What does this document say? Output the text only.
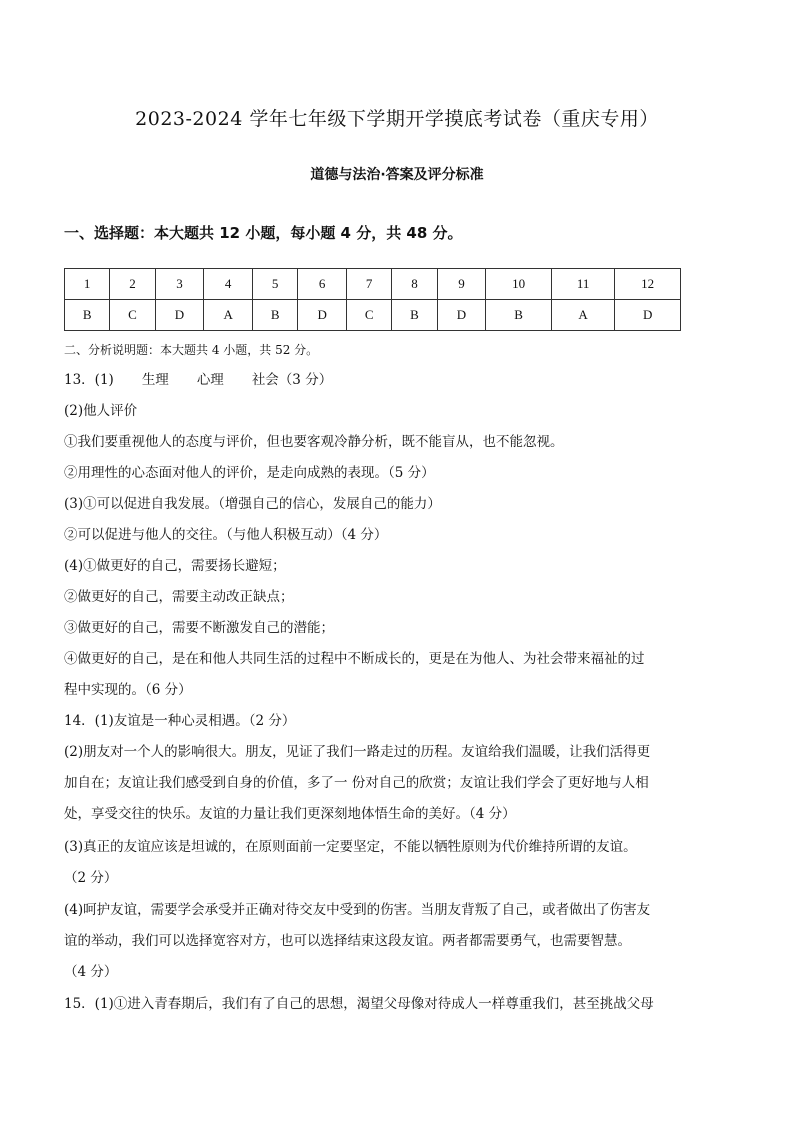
2023-2024 学年七年级下学期开学摸底考试卷（重庆专用）
道德与法治·答案及评分标准
一、选择题：本大题共 12 小题，每小题 4 分，共 48 分。
1	2	3	4	5	6	7	8	9	10	11	12
B	C	D	A	B	D	C	B	D	B	A	D
二、分析说明题：本大题共 4 小题，共 52 分。
13．(1) 生理 心理 社会（3 分）
(2)他人评价
①我们要重视他人的态度与评价，但也要客观冷静分析，既不能盲从，也不能忽视。
②用理性的心态面对他人的评价，是走向成熟的表现。（5 分）
(3)①可以促进自我发展。（增强自己的信心，发展自己的能力）
②可以促进与他人的交往。（与他人积极互动）（4 分）
(4)①做更好的自己，需要扬长避短；
②做更好的自己，需要主动改正缺点；
③做更好的自己，需要不断激发自己的潜能；
④做更好的自己，是在和他人共同生活的过程中不断成长的，更是在为他人、为社会带来福祉的过
程中实现的。（6 分）
14．(1)友谊是一种心灵相遇。（2 分）
(2)朋友对一个人的影响很大。朋友，见证了我们一路走过的历程。友谊给我们温暖，让我们活得更
加自在；友谊让我们感受到自身的价值，多了一 份对自己的欣赏；友谊让我们学会了更好地与人相
处，享受交往的快乐。友谊的力量让我们更深刻地体悟生命的美好。（4 分）
(3)真正的友谊应该是坦诚的，在原则面前一定要坚定，不能以牺牲原则为代价维持所谓的友谊。
（2 分）
(4)呵护友谊，需要学会承受并正确对待交友中受到的伤害。当朋友背叛了自己，或者做出了伤害友
谊的举动，我们可以选择宽容对方，也可以选择结束这段友谊。两者都需要勇气，也需要智慧。
（4 分）
15．(1)①进入青春期后，我们有了自己的思想，渴望父母像对待成人一样尊重我们，甚至挑战父母
